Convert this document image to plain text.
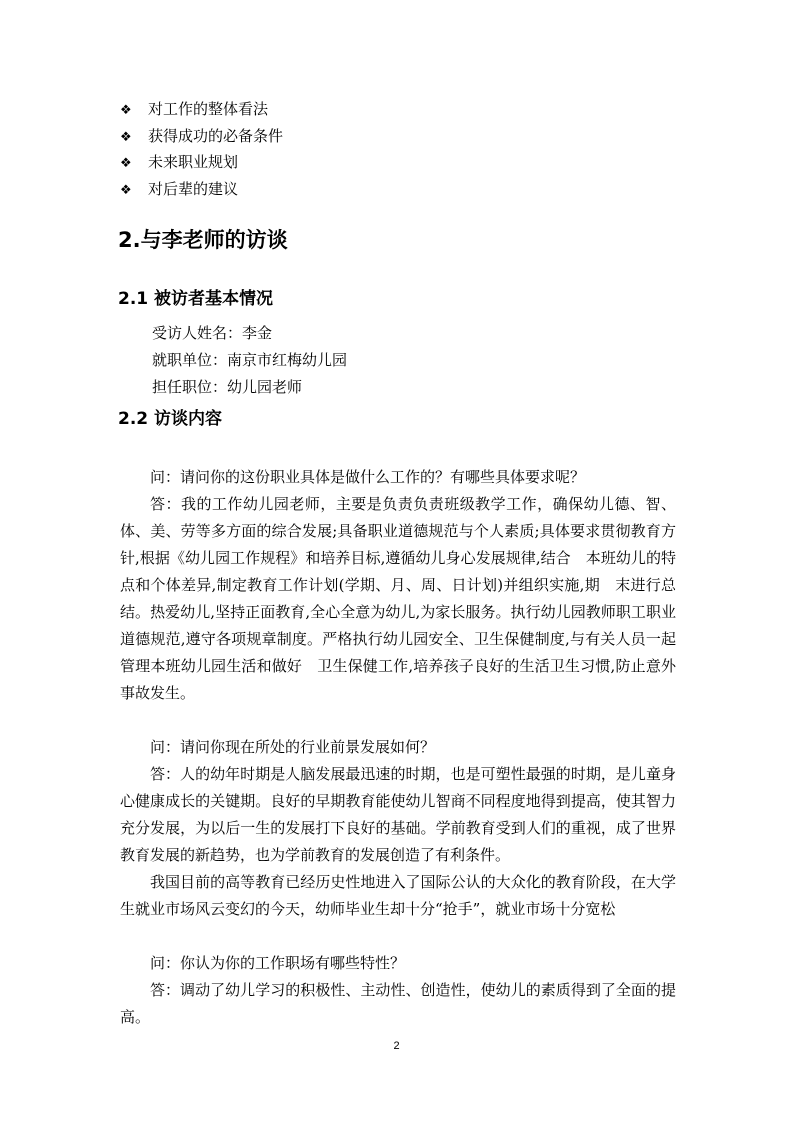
❖ 对工作的整体看法
❖ 获得成功的必备条件
❖ 未来职业规划
❖ 对后辈的建议
2.与李老师的访谈
2.1 被访者基本情况
受访人姓名：李金
就职单位：南京市红梅幼儿园
担任职位：幼儿园老师
2.2 访谈内容

问：请问你的这份职业具体是做什么工作的？有哪些具体要求呢？

答：我的工作幼儿园老师，主要是负责负责班级教学工作，确保幼儿德、智、体、美、劳等多方面的综合发展;具备职业道德规范与个人素质;具体要求贯彻教育方针,根据《幼儿园工作规程》和培养目标,遵循幼儿身心发展规律,结合　本班幼儿的特点和个体差异,制定教育工作计划(学期、月、周、日计划)并组织实施,期　末进行总结。热爱幼儿,坚持正面教育,全心全意为幼儿,为家长服务。执行幼儿园教师职工职业道德规范,遵守各项规章制度。严格执行幼儿园安全、卫生保健制度,与有关人员一起管理本班幼儿园生活和做好　卫生保健工作,培养孩子良好的生活卫生习惯,防止意外事故发生。

问：请问你现在所处的行业前景发展如何？

答：人的幼年时期是人脑发展最迅速的时期，也是可塑性最强的时期，是儿童身心健康成长的关键期。良好的早期教育能使幼儿智商不同程度地得到提高，使其智力充分发展，为以后一生的发展打下良好的基础。学前教育受到人们的重视，成了世界教育发展的新趋势，也为学前教育的发展创造了有利条件。

我国目前的高等教育已经历史性地进入了国际公认的大众化的教育阶段，在大学生就业市场风云变幻的今天，幼师毕业生却十分“抢手”，就业市场十分宽松

问：你认为你的工作职场有哪些特性？

答：调动了幼儿学习的积极性、主动性、创造性，使幼儿的素质得到了全面的提高。

2
